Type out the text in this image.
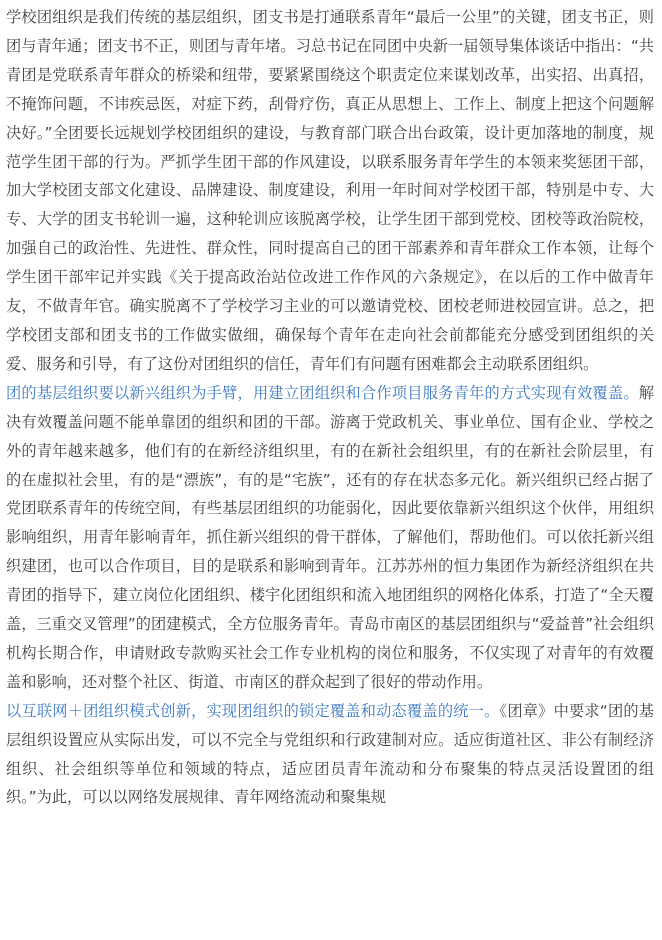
学校团组织是我们传统的基层组织，团支书是打通联系青年“最后一公里”的关键，团支书正，则团与青年通；团支书不正，则团与青年堵。习总书记在同团中央新一届领导集体谈话中指出：“共青团是党联系青年群众的桥梁和纽带，要紧紧围绕这个职责定位来谋划改革，出实招、出真招，不掩饰问题，不讳疾忌医，对症下药，刮骨疗伤，真正从思想上、工作上、制度上把这个问题解决好。”全团要长远规划学校团组织的建设，与教育部门联合出台政策，设计更加落地的制度，规范学生团干部的行为。严抓学生团干部的作风建设，以联系服务青年学生的本领来奖惩团干部，加大学校团支部文化建设、品牌建设、制度建设，利用一年时间对学校团干部，特别是中专、大专、大学的团支书轮训一遍，这种轮训应该脱离学校，让学生团干部到党校、团校等政治院校，加强自己的政治性、先进性、群众性，同时提高自己的团干部素养和青年群众工作本领，让每个学生团干部牢记并实践《关于提高政治站位改进工作作风的六条规定》，在以后的工作中做青年友，不做青年官。确实脱离不了学校学习主业的可以邀请党校、团校老师进校园宣讲。总之，把学校团支部和团支书的工作做实做细，确保每个青年在走向社会前都能充分感受到团组织的关爱、服务和引导，有了这份对团组织的信任，青年们有问题有困难都会主动联系团组织。

团的基层组织要以新兴组织为手臂，用建立团组织和合作项目服务青年的方式实现有效覆盖。解决有效覆盖问题不能单靠团的组织和团的干部。游离于党政机关、事业单位、国有企业、学校之外的青年越来越多，他们有的在新经济组织里，有的在新社会组织里，有的在新社会阶层里，有的在虚拟社会里，有的是“漂族”，有的是“宅族”，还有的存在状态多元化。新兴组织已经占据了党团联系青年的传统空间，有些基层团组织的功能弱化，因此要依靠新兴组织这个伙伴，用组织影响组织，用青年影响青年，抓住新兴组织的骨干群体，了解他们，帮助他们。可以依托新兴组织建团，也可以合作项目，目的是联系和影响到青年。江苏苏州的恒力集团作为新经济组织在共青团的指导下，建立岗位化团组织、楼宇化团组织和流入地团组织的网格化体系，打造了“全天覆盖，三重交叉管理”的团建模式，全方位服务青年。青岛市南区的基层团组织与“爱益普”社会组织机构长期合作，申请财政专款购买社会工作专业机构的岗位和服务，不仅实现了对青年的有效覆盖和影响，还对整个社区、街道、市南区的群众起到了很好的带动作用。

以互联网＋团组织模式创新，实现团组织的锁定覆盖和动态覆盖的统一。《团章》中要求“团的基层组织设置应从实际出发，可以不完全与党组织和行政建制对应。适应街道社区、非公有制经济组织、社会组织等单位和领域的特点，适应团员青年流动和分布聚集的特点灵活设置团的组织。”为此，可以以网络发展规律、青年网络流动和聚集规
